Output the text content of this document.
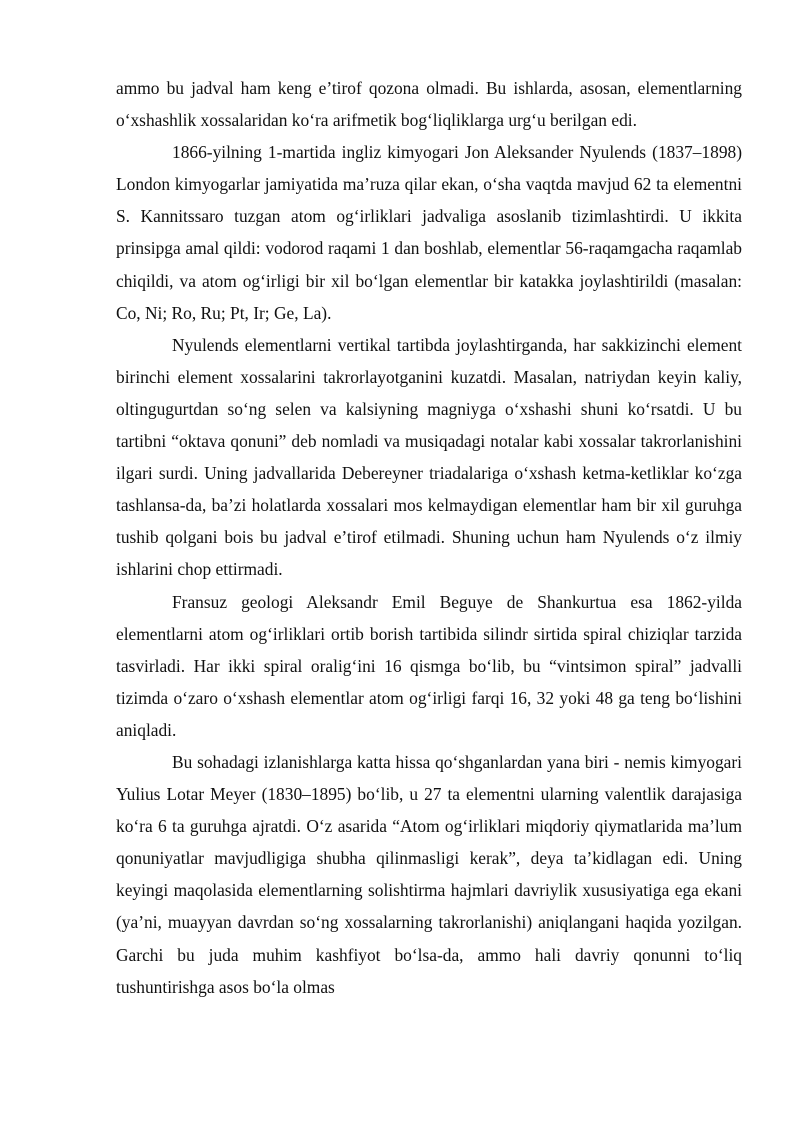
ammo bu jadval ham keng e’tirof qozona olmadi. Bu ishlarda, asosan, elementlarning o‘xshashlik xossalaridan ko‘ra arifmetik bog‘liqliklarga urg‘u berilgan edi.

1866-yilning 1-martida ingliz kimyogari Jon Aleksander Nyulends (1837–1898) London kimyogarlar jamiyatida ma’ruza qilar ekan, o‘sha vaqtda mavjud 62 ta elementni S. Kannitssaro tuzgan atom og‘irliklari jadvaliga asoslanib tizimlashtirdi. U ikkita prinsipga amal qildi: vodorod raqami 1 dan boshlab, elementlar 56-raqamgacha raqamlab chiqildi, va atom og‘irligi bir xil bo‘lgan elementlar bir katakka joylashtirildi (masalan: Co, Ni; Ro, Ru; Pt, Ir; Ge, La).

Nyulends elementlarni vertikal tartibda joylashtirganda, har sakkizinchi element birinchi element xossalarini takrorlayotganini kuzatdi. Masalan, natriydan keyin kaliy, oltingugurtdan so‘ng selen va kalsiyning magniyga o‘xshashi shuni ko‘rsatdi. U bu tartibni “oktava qonuni” deb nomladi va musiqadagi notalar kabi xossalar takrorlanishini ilgari surdi. Uning jadvallarida Debereyner triadalariga o‘xshash ketma-ketliklar ko‘zga tashlansa-da, ba’zi holatlarda xossalari mos kelmaydigan elementlar ham bir xil guruhga tushib qolgani bois bu jadval e’tirof etilmadi. Shuning uchun ham Nyulends o‘z ilmiy ishlarini chop ettirmadi.

Fransuz geologi Aleksandr Emil Beguye de Shankurtua esa 1862-yilda elementlarni atom og‘irliklari ortib borish tartibida silindr sirtida spiral chiziqlar tarzida tasvirladi. Har ikki spiral oralig‘ini 16 qismga bo‘lib, bu “vintsimon spiral” jadvalli tizimda o‘zaro o‘xshash elementlar atom og‘irligi farqi 16, 32 yoki 48 ga teng bo‘lishini aniqladi.

Bu sohadagi izlanishlarga katta hissa qo‘shganlardan yana biri - nemis kimyogari Yulius Lotar Meyer (1830–1895) bo‘lib, u 27 ta elementni ularning valentlik darajasiga ko‘ra 6 ta guruhga ajratdi. O‘z asarida “Atom og‘irliklari miqdoriy qiymatlarida ma’lum qonuniyatlar mavjudligiga shubha qilinmasligi kerak”, deya ta’kidlagan edi. Uning keyingi maqolasida elementlarning solishtirma hajmlari davriylik xususiyatiga ega ekani (ya’ni, muayyan davrdan so‘ng xossalarning takrorlanishi) aniqlangani haqida yozilgan. Garchi bu juda muhim kashfiyot bo‘lsa-da, ammo hali davriy qonunni to‘liq tushuntirishga asos bo‘la olmas
